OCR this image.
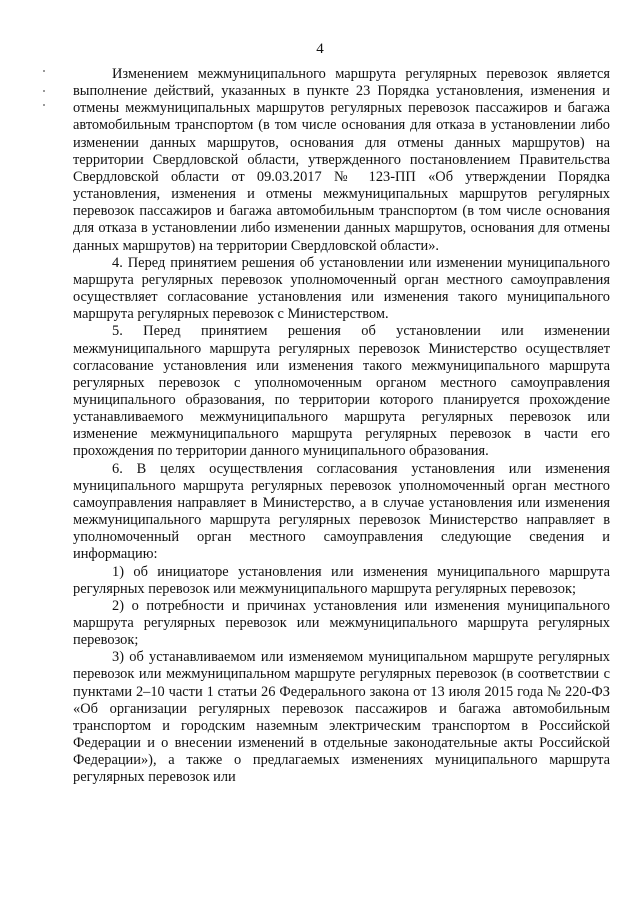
4

Изменением межмуниципального маршрута регулярных перевозок является выполнение действий, указанных в пункте 23 Порядка установления, изменения и отмены межмуниципальных маршрутов регулярных перевозок пассажиров и багажа автомобильным транспортом (в том числе основания для отказа в установлении либо изменении данных маршрутов, основания для отмены данных маршрутов) на территории Свердловской области, утвержденного постановлением Правительства Свердловской области от 09.03.2017 № 123-ПП «Об утверждении Порядка установления, изменения и отмены межмуниципальных маршрутов регулярных перевозок пассажиров и багажа автомобильным транспортом (в том числе основания для отказа в установлении либо изменении данных маршрутов, основания для отмены данных маршрутов) на территории Свердловской области».

4. Перед принятием решения об установлении или изменении муниципального маршрута регулярных перевозок уполномоченный орган местного самоуправления осуществляет согласование установления или изменения такого муниципального маршрута регулярных перевозок с Министерством.

5. Перед принятием решения об установлении или изменении межмуниципального маршрута регулярных перевозок Министерство осуществляет согласование установления или изменения такого межмуниципального маршрута регулярных перевозок с уполномоченным органом местного самоуправления муниципального образования, по территории которого планируется прохождение устанавливаемого межмуниципального маршрута регулярных перевозок или изменение межмуниципального маршрута регулярных перевозок в части его прохождения по территории данного муниципального образования.

6. В целях осуществления согласования установления или изменения муниципального маршрута регулярных перевозок уполномоченный орган местного самоуправления направляет в Министерство, а в случае установления или изменения межмуниципального маршрута регулярных перевозок Министерство направляет в уполномоченный орган местного самоуправления следующие сведения и информацию:

1) об инициаторе установления или изменения муниципального маршрута регулярных перевозок или межмуниципального маршрута регулярных перевозок;

2) о потребности и причинах установления или изменения муниципального маршрута регулярных перевозок или межмуниципального маршрута регулярных перевозок;

3) об устанавливаемом или изменяемом муниципальном маршруте регулярных перевозок или межмуниципальном маршруте регулярных перевозок (в соответствии с пунктами 2–10 части 1 статьи 26 Федерального закона от 13 июля 2015 года № 220-ФЗ «Об организации регулярных перевозок пассажиров и багажа автомобильным транспортом и городским наземным электрическим транспортом в Российской Федерации и о внесении изменений в отдельные законодательные акты Российской Федерации»), а также о предлагаемых изменениях муниципального маршрута регулярных перевозок или
